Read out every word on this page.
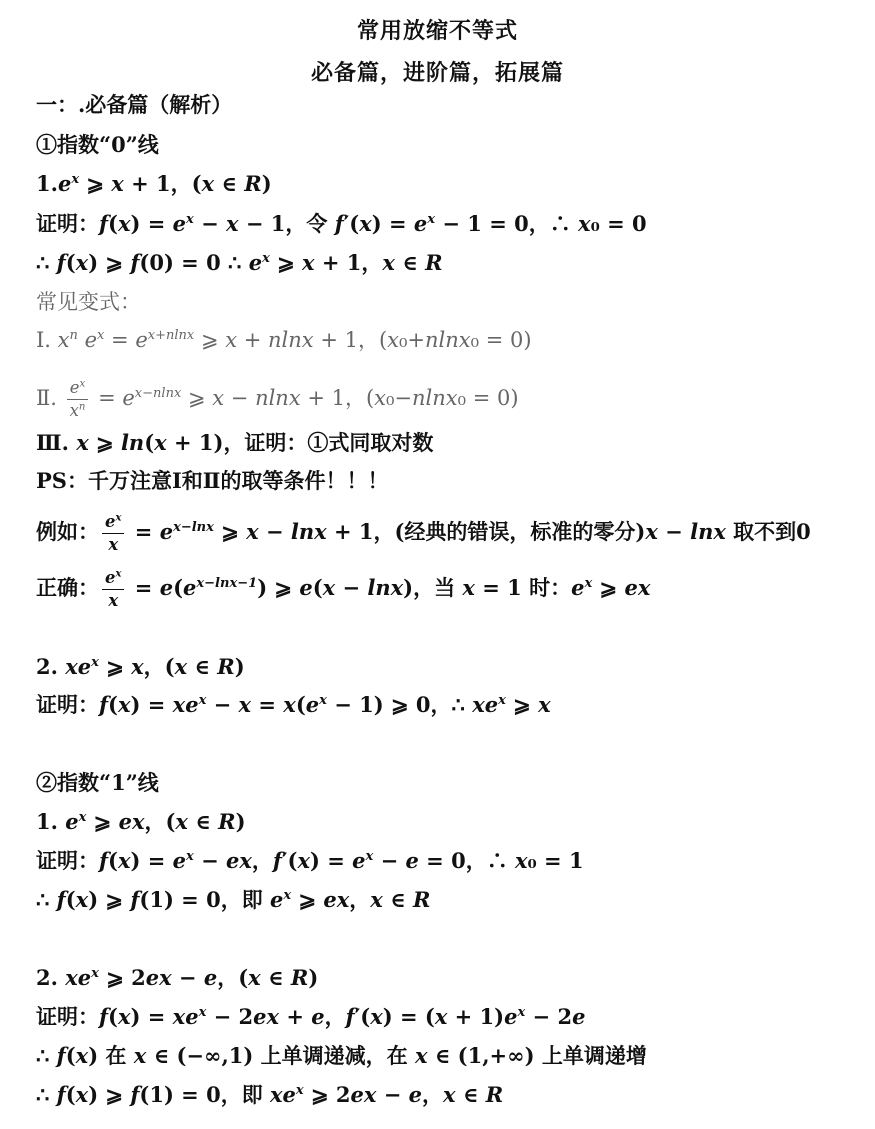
常用放缩不等式
必备篇，进阶篇，拓展篇
一：.必备篇（解析）
①指数“0”线
$1.e^x$ ⩾ x + 1，(x ∈ R)
证明：$f(x) = e^x - x - 1$，令 $f'(x) = e^x - 1 = 0$，∴ x₀ = 0
∴ f(x) ⩾ f(0) = 0 ∴ $e^x$ ⩾ x + 1，x ∈ R
常见变式：
Ⅰ. $x^n$ $e^x = e^{x+nlnx}$ ⩾ x + nlnx + 1，(x₀+nlnx₀ = 0)
Ⅱ. $\frac{e^x}{x^n} = e^{x-nlnx}$ ⩾ x − nlnx + 1，(x₀−nlnx₀ = 0)
Ⅲ. x ⩾ ln(x + 1)，证明：①式同取对数
PS：千万注意Ⅰ和Ⅱ的取等条件！！！
例如： $\frac{e^x}{x} = e^{x-lnx}$ ⩾ x − lnx + 1，(经典的错误，标准的零分)x − lnx 取不到0
正确： $\frac{e^x}{x} = e(e^{x-lnx-1})$ ⩾ e(x − lnx)，当 x = 1 时：$e^x$ ⩾ ex
2. $xe^x$ ⩾ x，(x ∈ R)
证明：$f(x) = xe^x - x = x(e^x - 1)$ ⩾ 0，∴ $xe^x$ ⩾ x
②指数“1”线
1. $e^x$ ⩾ ex，(x ∈ R)
证明：$f(x) = e^x$ − ex，$f'(x) = e^x - e = 0$，∴ x₀ = 1
∴ f(x) ⩾ f(1) = 0，即 $e^x$ ⩾ ex，x ∈ R
2. $xe^x$ ⩾ 2ex − e，(x ∈ R)
证明：$f(x) = xe^x - 2ex + e$，$f'(x) = (x + 1)e^x - 2e$
∴ f(x) 在 x ∈ (−∞,1) 上单调递减，在 x ∈ (1,+∞) 上单调递增
∴ f(x) ⩾ f(1) = 0，即 $xe^x$ ⩾ 2ex − e，x ∈ R
